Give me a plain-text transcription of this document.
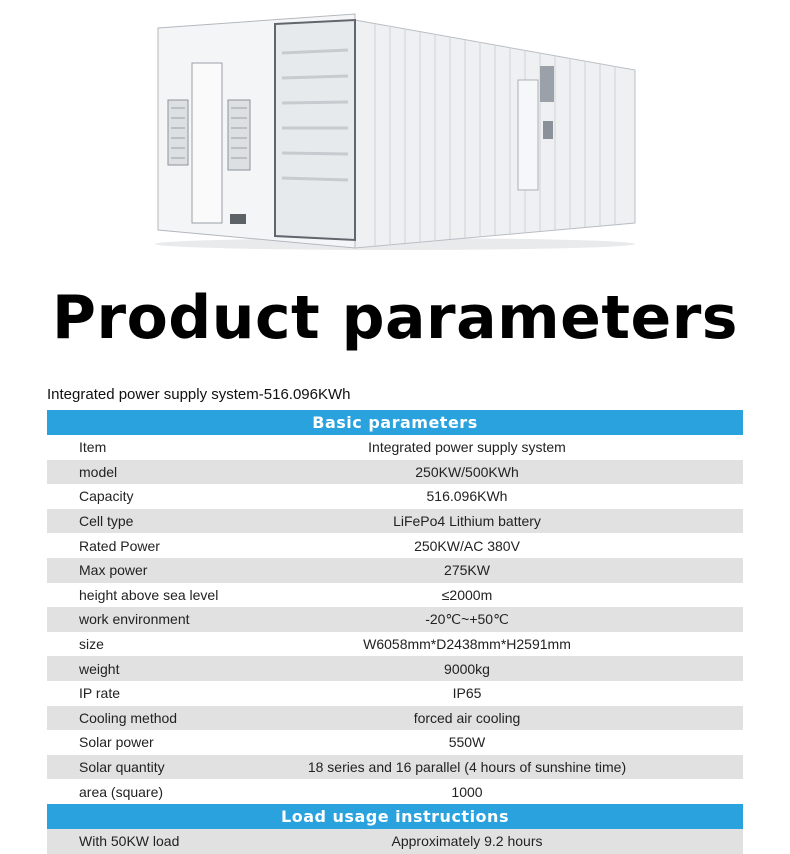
Product parameters
Integrated power supply system-516.096KWh
Basic parameters
Item	Integrated power supply system
model	250KW/500KWh
Capacity	516.096KWh
Cell type	LiFePo4 Lithium battery
Rated Power	250KW/AC 380V
Max power	275KW
height above sea level	≤2000m
work environment	-20℃~+50℃
size	W6058mm*D2438mm*H2591mm
weight	9000kg
IP rate	IP65
Cooling method	forced air cooling
Solar power	550W
Solar quantity	18 series and 16 parallel (4 hours of sunshine time)
area (square)	1000
Load usage instructions
With 50KW load	Approximately 9.2 hours
